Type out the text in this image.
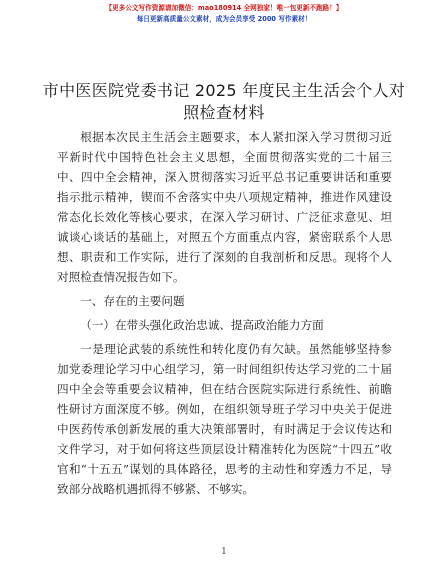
【更多公文写作资源请加微信：mao180914 全网独家！唯一包更新不跑路！】
每日更新高质量公文素材，成为会员享受 2000 写作素材！
市中医医院党委书记 2025 年度民主生活会个人对照检查材料

根据本次民主生活会主题要求，本人紧扣深入学习贯彻习近平新时代中国特色社会主义思想，全面贯彻落实党的二十届三中、四中全会精神，深入贯彻落实习近平总书记重要讲话和重要指示批示精神，锲而不舍落实中央八项规定精神，推进作风建设常态化长效化等核心要求，在深入学习研讨、广泛征求意见、坦诚谈心谈话的基础上，对照五个方面重点内容，紧密联系个人思想、职责和工作实际，进行了深刻的自我剖析和反思。现将个人对照检查情况报告如下。

一、存在的主要问题

（一）在带头强化政治忠诚、提高政治能力方面

一是理论武装的系统性和转化度仍有欠缺。虽然能够坚持参加党委理论学习中心组学习，第一时间组织传达学习党的二十届四中全会等重要会议精神，但在结合医院实际进行系统性、前瞻性研讨方面深度不够。例如，在组织领导班子学习中央关于促进中医药传承创新发展的重大决策部署时，有时满足于会议传达和文件学习，对于如何将这些顶层设计精准转化为医院“十四五”收官和“十五五”谋划的具体路径，思考的主动性和穿透力不足，导致部分战略机遇抓得不够紧、不够实。

1
